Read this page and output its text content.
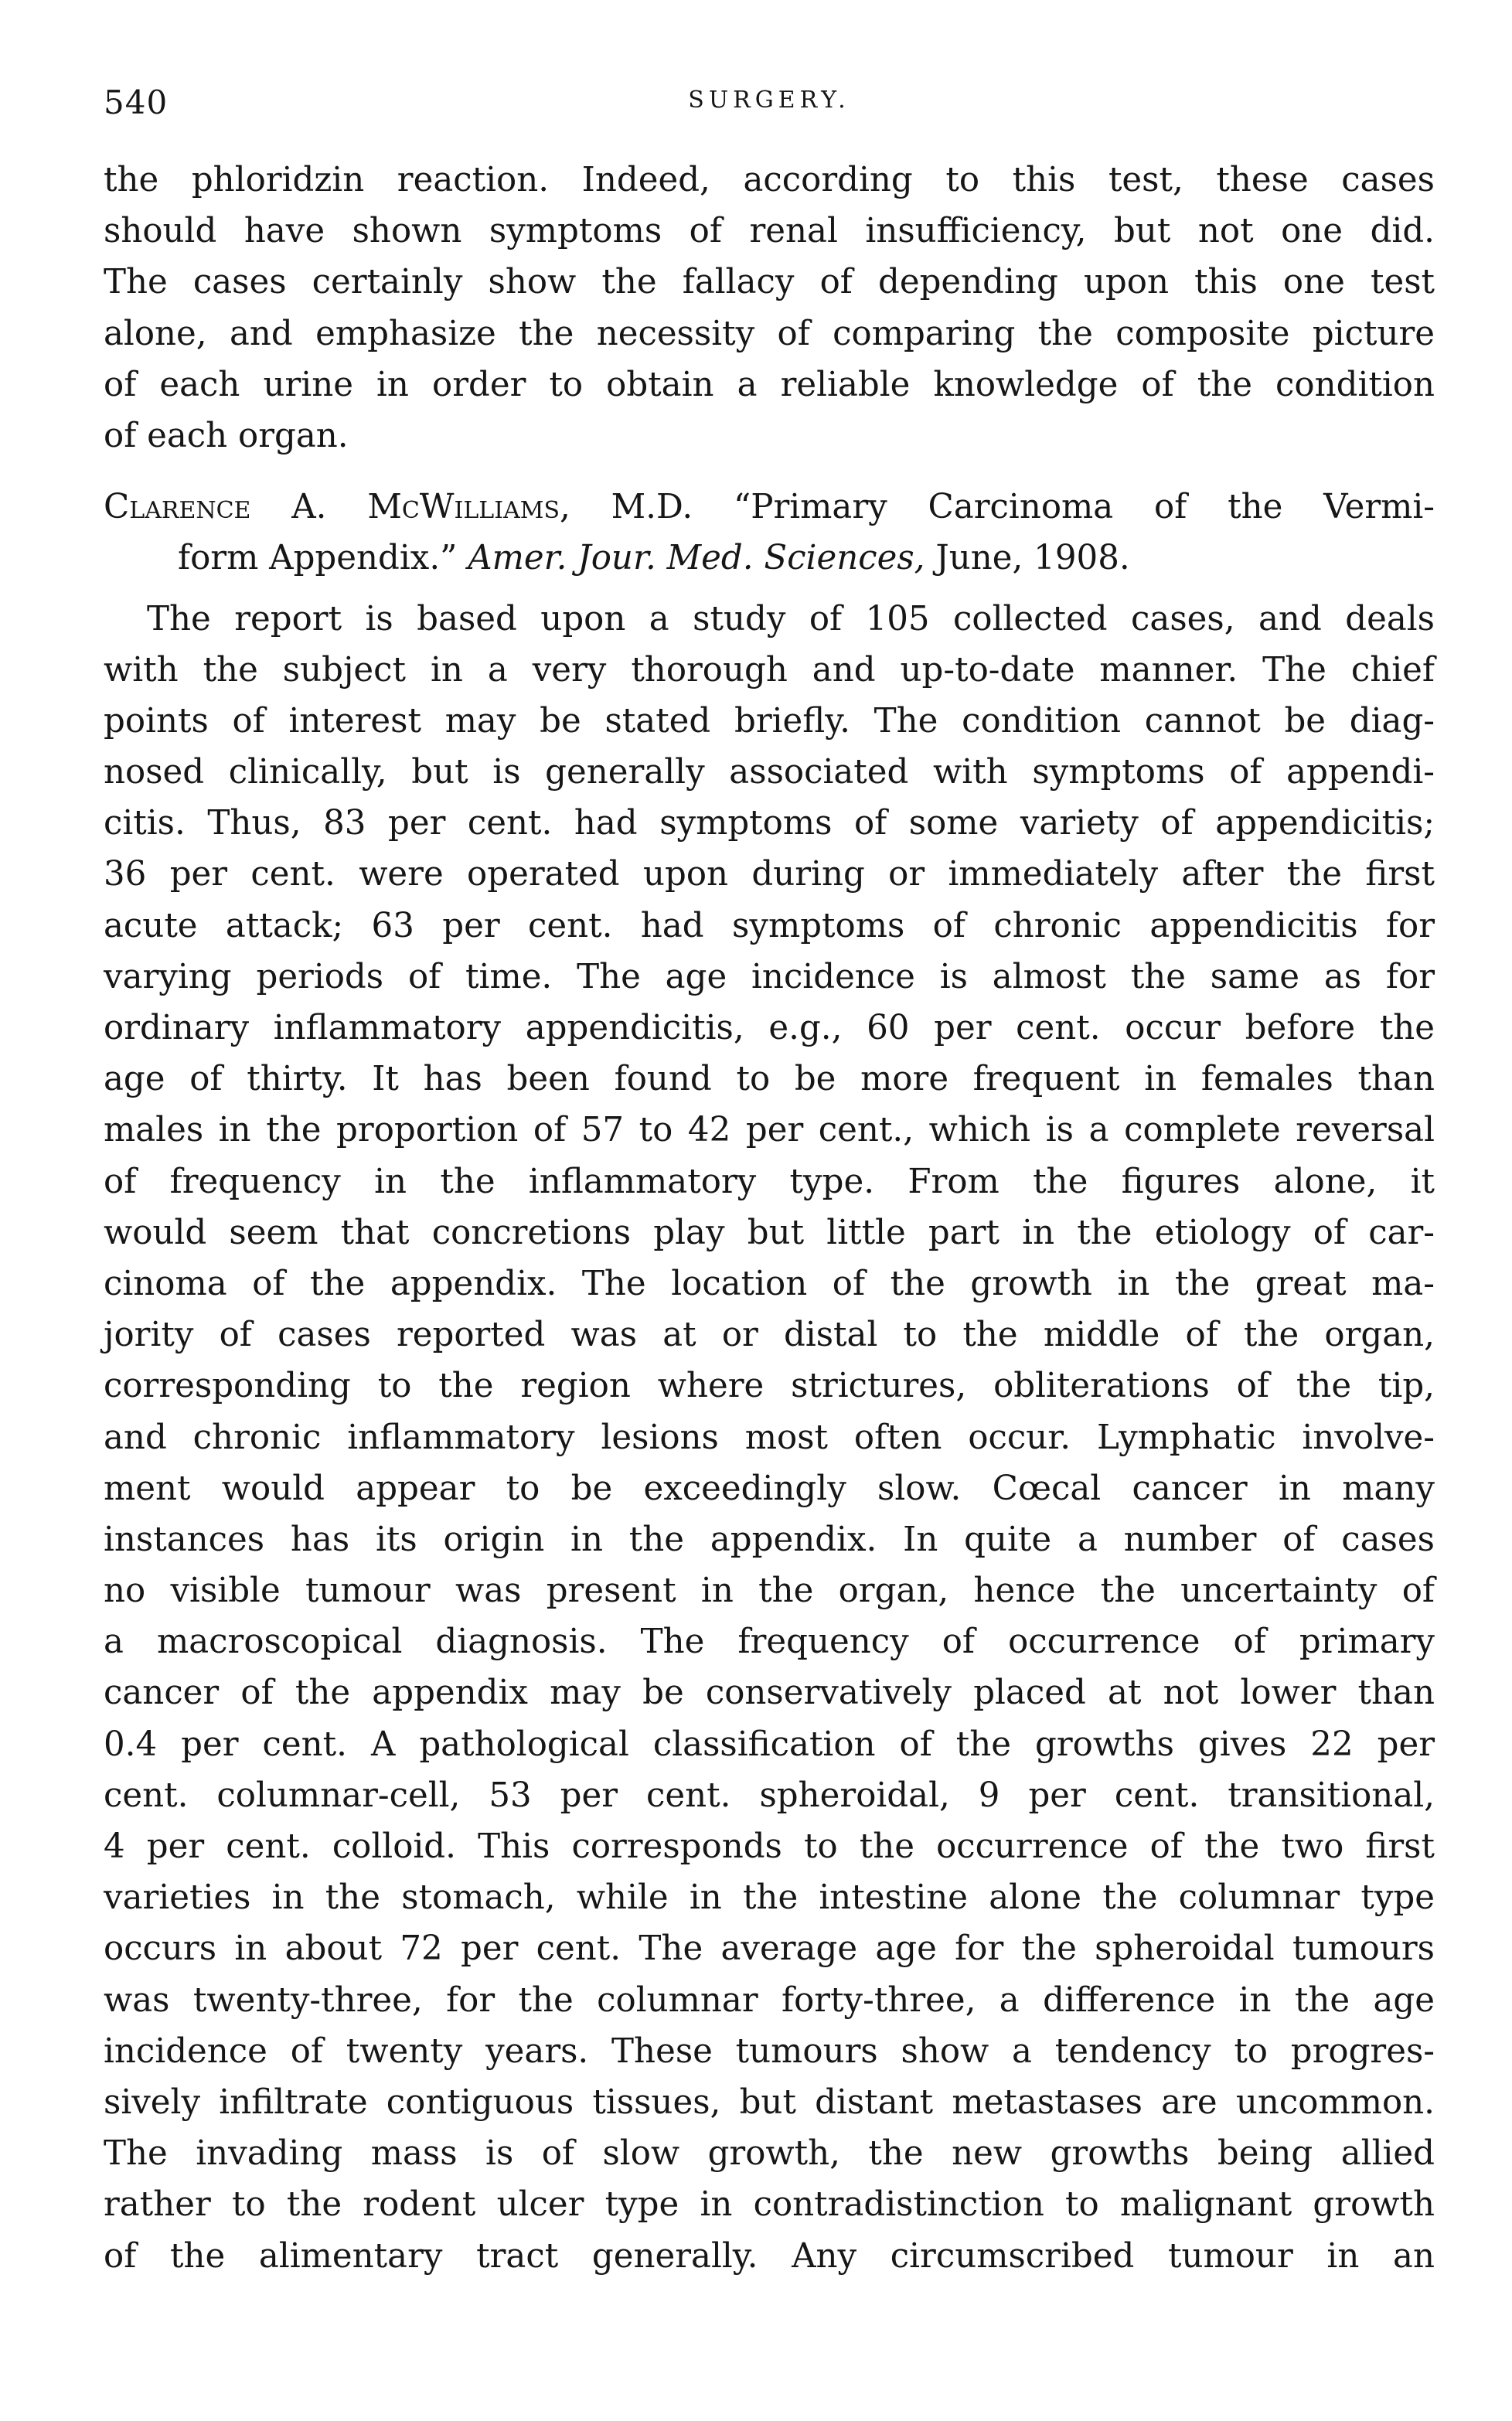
540	SURGERY.
the phloridzin reaction. Indeed, according to this test, these cases
should have shown symptoms of renal insufficiency, but not one did.
The cases certainly show the fallacy of depending upon this one test
alone, and emphasize the necessity of comparing the composite picture
of each urine in order to obtain a reliable knowledge of the condition
of each organ.
Clarence A. McWilliams, M.D. “Primary Carcinoma of the Vermi-
form Appendix.” Amer. Jour. Med. Sciences, June, 1908.
The report is based upon a study of 105 collected cases, and deals
with the subject in a very thorough and up-to-date manner. The chief
points of interest may be stated briefly. The condition cannot be diag-
nosed clinically, but is generally associated with symptoms of appendi-
citis. Thus, 83 per cent. had symptoms of some variety of appendicitis;
36 per cent. were operated upon during or immediately after the first
acute attack; 63 per cent. had symptoms of chronic appendicitis for
varying periods of time. The age incidence is almost the same as for
ordinary inflammatory appendicitis, e.g., 60 per cent. occur before the
age of thirty. It has been found to be more frequent in females than
males in the proportion of 57 to 42 per cent., which is a complete reversal
of frequency in the inflammatory type. From the figures alone, it
would seem that concretions play but little part in the etiology of car-
cinoma of the appendix. The location of the growth in the great ma-
jority of cases reported was at or distal to the middle of the organ,
corresponding to the region where strictures, obliterations of the tip,
and chronic inflammatory lesions most often occur. Lymphatic involve-
ment would appear to be exceedingly slow. Cœcal cancer in many
instances has its origin in the appendix. In quite a number of cases
no visible tumour was present in the organ, hence the uncertainty of
a macroscopical diagnosis. The frequency of occurrence of primary
cancer of the appendix may be conservatively placed at not lower than
0.4 per cent. A pathological classification of the growths gives 22 per
cent. columnar-cell, 53 per cent. spheroidal, 9 per cent. transitional,
4 per cent. colloid. This corresponds to the occurrence of the two first
varieties in the stomach, while in the intestine alone the columnar type
occurs in about 72 per cent. The average age for the spheroidal tumours
was twenty-three, for the columnar forty-three, a difference in the age
incidence of twenty years. These tumours show a tendency to progres-
sively infiltrate contiguous tissues, but distant metastases are uncommon.
The invading mass is of slow growth, the new growths being allied
rather to the rodent ulcer type in contradistinction to malignant growth
of the alimentary tract generally. Any circumscribed tumour in an
